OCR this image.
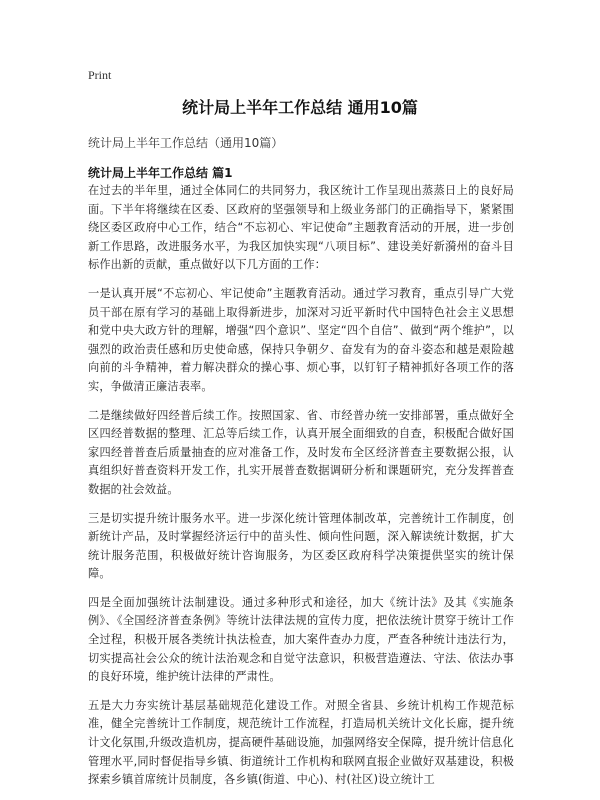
Print
统计局上半年工作总结 通用10篇

统计局上半年工作总结（通用10篇）

统计局上半年工作总结 篇1

在过去的半年里，通过全体同仁的共同努力，我区统计工作呈现出蒸蒸日上的良好局面。下半年将继续在区委、区政府的坚强领导和上级业务部门的正确指导下，紧紧围绕区委区政府中心工作，结合“不忘初心、牢记使命”主题教育活动的开展，进一步创新工作思路，改进服务水平，为我区加快实现“八项目标”、建设美好新漪州的奋斗目标作出新的贡献，重点做好以下几方面的工作：

一是认真开展“不忘初心、牢记使命”主题教育活动。通过学习教育，重点引导广大党员干部在原有学习的基础上取得新进步，加深对习近平新时代中国特色社会主义思想和党中央大政方针的理解，增强“四个意识”、坚定“四个自信”、做到“两个维护”，以强烈的政治责任感和历史使命感，保持只争朝夕、奋发有为的奋斗姿态和越是艰险越向前的斗争精神，着力解决群众的操心事、烦心事，以钉钉子精神抓好各项工作的落实，争做清正廉洁表率。

二是继续做好四经普后续工作。按照国家、省、市经普办统一安排部署，重点做好全区四经普数据的整理、汇总等后续工作，认真开展全面细致的自查，积极配合做好国家四经普普查后质量抽查的应对准备工作，及时发布全区经济普查主要数据公报，认真组织好普查资料开发工作，扎实开展普查数据调研分析和课题研究，充分发挥普查数据的社会效益。

三是切实提升统计服务水平。进一步深化统计管理体制改革，完善统计工作制度，创新统计产品，及时掌握经济运行中的苗头性、倾向性问题，深入解读统计数据，扩大统计服务范围，积极做好统计咨询服务，为区委区政府科学决策提供坚实的统计保障。

四是全面加强统计法制建设。通过多种形式和途径，加大《统计法》及其《实施条例》、《全国经济普查条例》等统计法律法规的宣传力度，把依法统计贯穿于统计工作全过程，积极开展各类统计执法检查，加大案件查办力度，严查各种统计违法行为，切实提高社会公众的统计法治观念和自觉守法意识，积极营造遵法、守法、依法办事的良好环境，维护统计法律的严肃性。

五是大力夯实统计基层基础规范化建设工作。对照全省县、乡统计机构工作规范标准，健全完善统计工作制度，规范统计工作流程，打造局机关统计文化长廊，提升统计文化氛围,升级改造机房，提高硬件基础设施，加强网络安全保障，提升统计信息化管理水平,同时督促指导乡镇、街道统计工作机构和联网直报企业做好双基建设，积极探索乡镇首席统计员制度，各乡镇(街道、中心)、村(社区)设立统计工
